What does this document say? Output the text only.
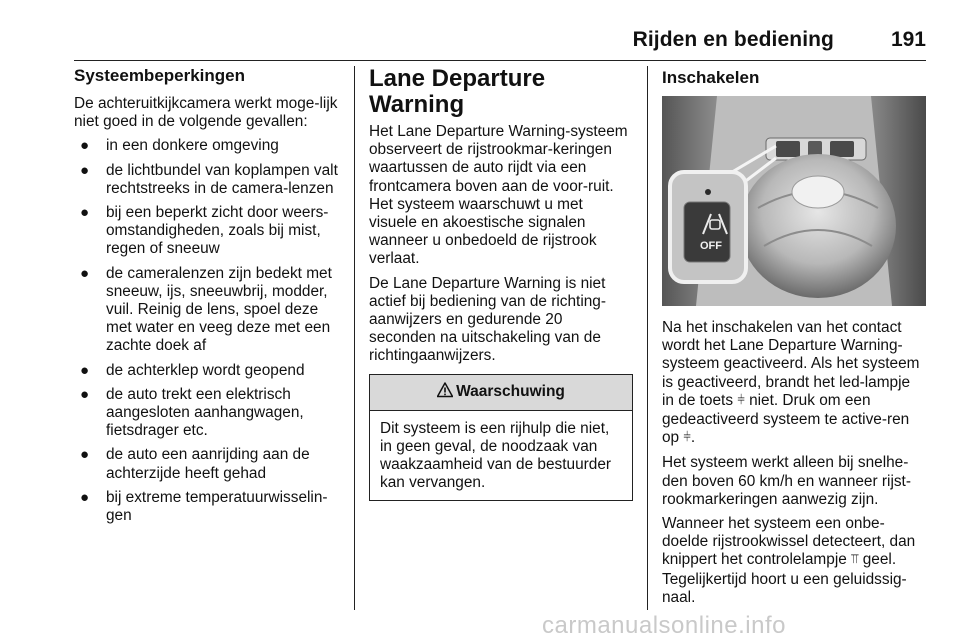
Rijden en bediening	191
Systeembeperkingen

De achteruitkijkcamera werkt moge-lijk niet goed in de volgende gevallen:

● in een donkere omgeving
● de lichtbundel van koplampen valt rechtstreeks in de camera-lenzen
● bij een beperkt zicht door weers-omstandigheden, zoals bij mist, regen of sneeuw
● de cameralenzen zijn bedekt met sneeuw, ijs, sneeuwbrij, modder, vuil. Reinig de lens, spoel deze met water en veeg deze met een zachte doek af
● de achterklep wordt geopend
● de auto trekt een elektrisch aangesloten aanhangwagen, fietsdrager etc.
● de auto een aanrijding aan de achterzijde heeft gehad
● bij extreme temperatuurwisselin-gen
Lane Departure Warning

Het Lane Departure Warning-systeem observeert de rijstrookmar-keringen waartussen de auto rijdt via een frontcamera boven aan de voor-ruit. Het systeem waarschuwt u met visuele en akoestische signalen wanneer u onbedoeld de rijstrook verlaat.

De Lane Departure Warning is niet actief bij bediening van de richting-aanwijzers en gedurende 20 seconden na uitschakeling van de richtingaanwijzers.

Waarschuwing
Dit systeem is een rijhulp die niet, in geen geval, de noodzaak van waakzaamheid van de bestuurder kan vervangen.
Inschakelen
OFF

Na het inschakelen van het contact wordt het Lane Departure Warning-systeem geactiveerd. Als het systeem is geactiveerd, brandt het led-lampje in de toets ⫩ niet. Druk om een gedeactiveerd systeem te active-ren op ⫩.

Het systeem werkt alleen bij snelhe-den boven 60 km/h en wanneer rijst-rookmarkeringen aanwezig zijn.

Wanneer het systeem een onbe-doelde rijstrookwissel detecteert, dan knippert het controlelampje ⫪ geel. Tegelijkertijd hoort u een geluidssig-naal.

carmanualsonline.info
